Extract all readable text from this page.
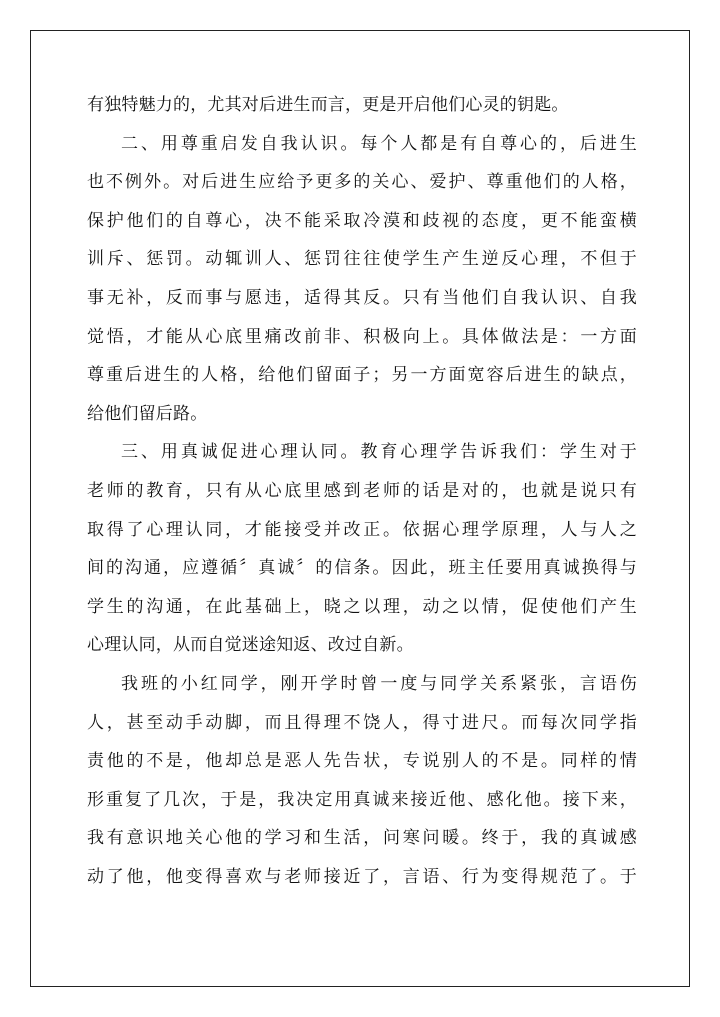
有独特魅力的，尤其对后进生而言，更是开启他们心灵的钥匙。
二、用尊重启发自我认识。每个人都是有自尊心的，后进生
也不例外。对后进生应给予更多的关心、爱护、尊重他们的人格，
保护他们的自尊心，决不能采取冷漠和歧视的态度，更不能蛮横
训斥、惩罚。动辄训人、惩罚往往使学生产生逆反心理，不但于
事无补，反而事与愿违，适得其反。只有当他们自我认识、自我
觉悟，才能从心底里痛改前非、积极向上。具体做法是：一方面
尊重后进生的人格，给他们留面子；另一方面宽容后进生的缺点，
给他们留后路。
三、用真诚促进心理认同。教育心理学告诉我们：学生对于
老师的教育，只有从心底里感到老师的话是对的，也就是说只有
取得了心理认同，才能接受并改正。依据心理学原理，人与人之
间的沟通，应遵循〞真诚〞的信条。因此，班主任要用真诚换得与
学生的沟通，在此基础上，晓之以理，动之以情，促使他们产生
心理认同，从而自觉迷途知返、改过自新。
我班的小红同学，刚开学时曾一度与同学关系紧张，言语伤
人，甚至动手动脚，而且得理不饶人，得寸进尺。而每次同学指
责他的不是，他却总是恶人先告状，专说别人的不是。同样的情
形重复了几次，于是，我决定用真诚来接近他、感化他。接下来，
我有意识地关心他的学习和生活，问寒问暖。终于，我的真诚感
动了他，他变得喜欢与老师接近了，言语、行为变得规范了。于
